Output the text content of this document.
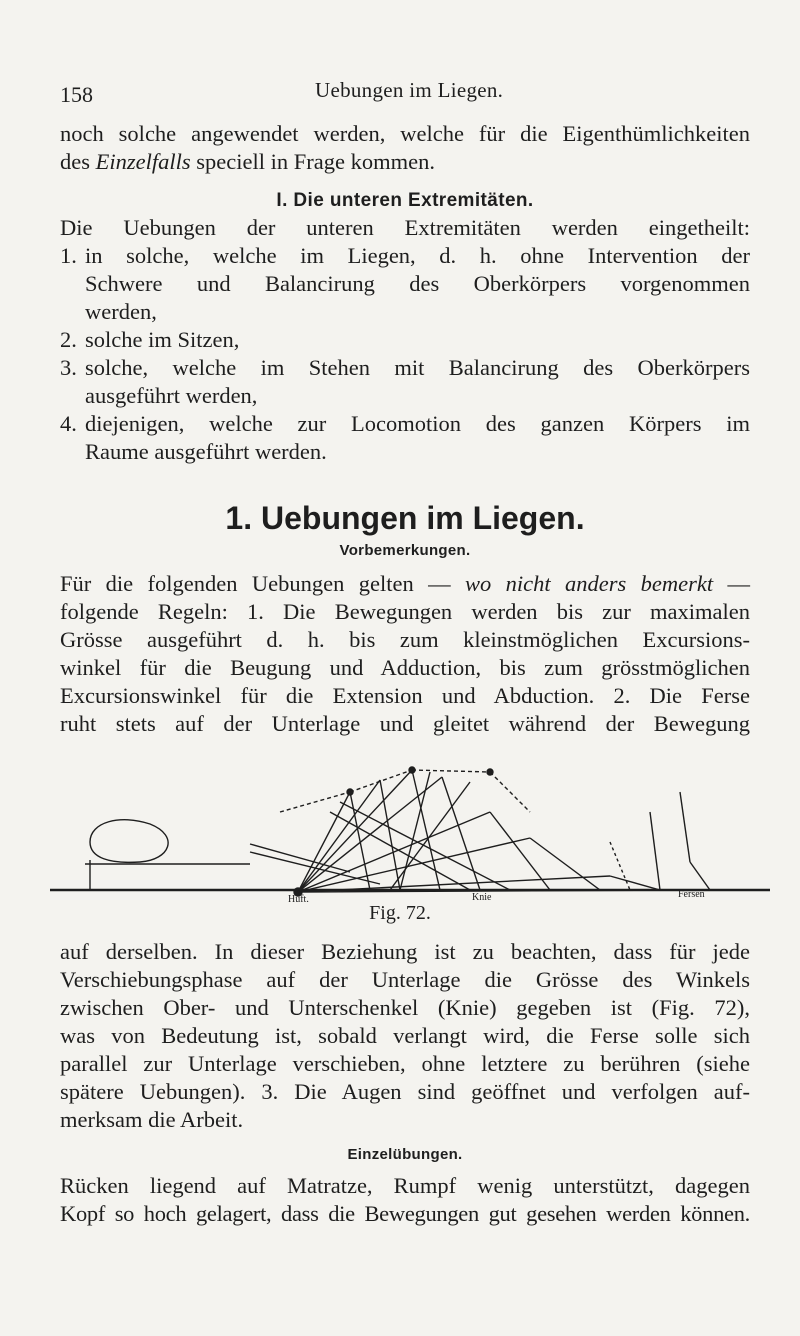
158	Uebungen im Liegen.
noch solche angewendet werden, welche für die Eigenthümlichkeiten
des Einzelfalls speciell in Frage kommen.
I. Die unteren Extremitäten.
Die Uebungen der unteren Extremitäten werden eingetheilt:
1. in solche, welche im Liegen, d. h. ohne Intervention der
Schwere und Balancirung des Oberkörpers vorgenommen
werden,
2. solche im Sitzen,
3. solche, welche im Stehen mit Balancirung des Oberkörpers
ausgeführt werden,
4. diejenigen, welche zur Locomotion des ganzen Körpers im
Raume ausgeführt werden.
1. Uebungen im Liegen.
Vorbemerkungen.
Für die folgenden Uebungen gelten — wo nicht anders bemerkt —
folgende Regeln: 1. Die Bewegungen werden bis zur maximalen
Grösse ausgeführt d. h. bis zum kleinstmöglichen Excursions-
winkel für die Beugung und Adduction, bis zum grösstmöglichen
Excursionswinkel für die Extension und Abduction. 2. Die Ferse
ruht stets auf der Unterlage und gleitet während der Bewegung
Hüft.	Knie	Fersen
Fig. 72.
auf derselben. In dieser Beziehung ist zu beachten, dass für jede
Verschiebungsphase auf der Unterlage die Grösse des Winkels
zwischen Ober- und Unterschenkel (Knie) gegeben ist (Fig. 72),
was von Bedeutung ist, sobald verlangt wird, die Ferse solle sich
parallel zur Unterlage verschieben, ohne letztere zu berühren (siehe
spätere Uebungen). 3. Die Augen sind geöffnet und verfolgen auf-
merksam die Arbeit.
Einzelübungen.
Rücken liegend auf Matratze, Rumpf wenig unterstützt, dagegen
Kopf so hoch gelagert, dass die Bewegungen gut gesehen werden können.
